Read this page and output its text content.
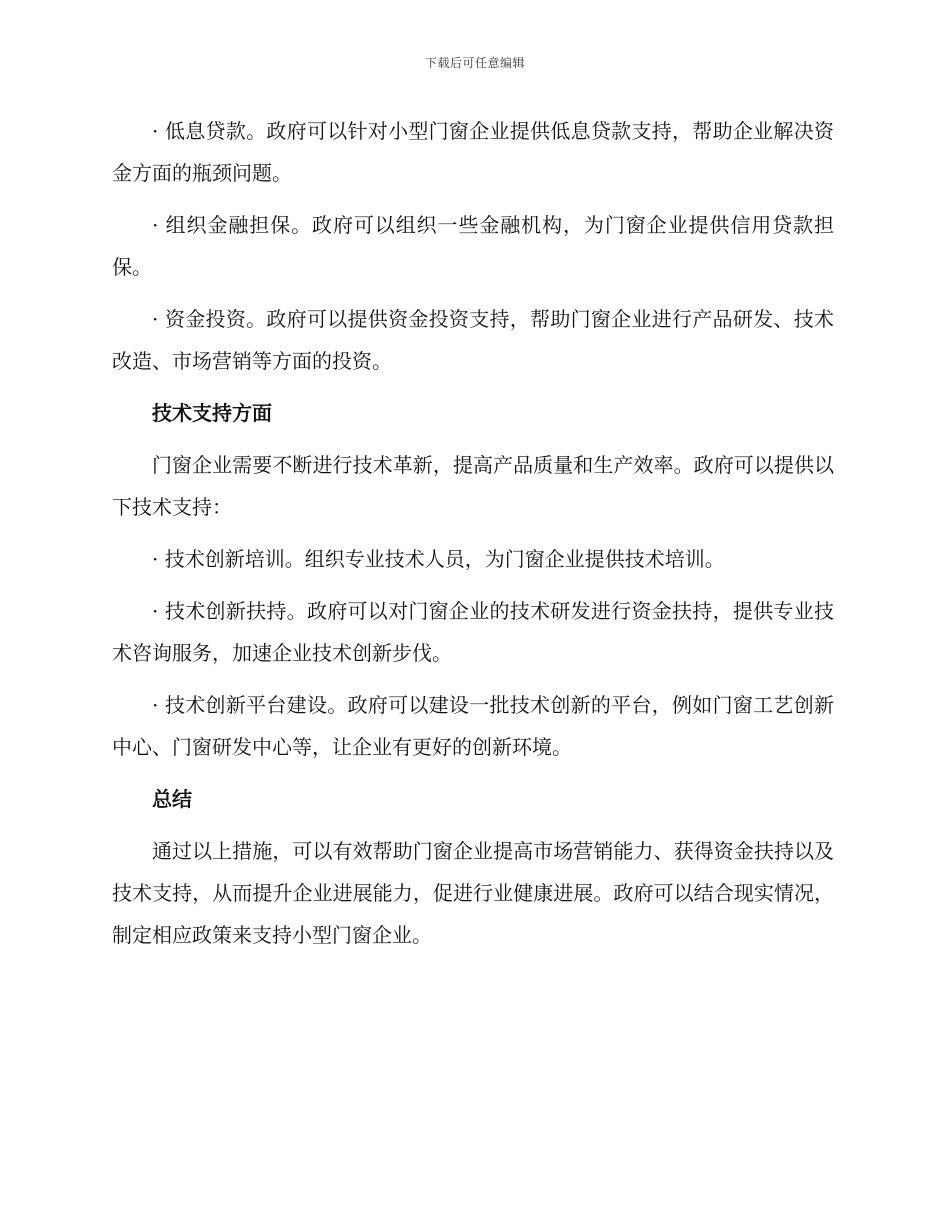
下载后可任意编辑

· 低息贷款。政府可以针对小型门窗企业提供低息贷款支持，帮助企业解决资金方面的瓶颈问题。

· 组织金融担保。政府可以组织一些金融机构，为门窗企业提供信用贷款担保。

· 资金投资。政府可以提供资金投资支持，帮助门窗企业进行产品研发、技术改造、市场营销等方面的投资。

技术支持方面

门窗企业需要不断进行技术革新，提高产品质量和生产效率。政府可以提供以下技术支持：

· 技术创新培训。组织专业技术人员，为门窗企业提供技术培训。

· 技术创新扶持。政府可以对门窗企业的技术研发进行资金扶持，提供专业技术咨询服务，加速企业技术创新步伐。

· 技术创新平台建设。政府可以建设一批技术创新的平台，例如门窗工艺创新中心、门窗研发中心等，让企业有更好的创新环境。

总结

通过以上措施，可以有效帮助门窗企业提高市场营销能力、获得资金扶持以及技术支持，从而提升企业进展能力，促进行业健康进展。政府可以结合现实情况，制定相应政策来支持小型门窗企业。
